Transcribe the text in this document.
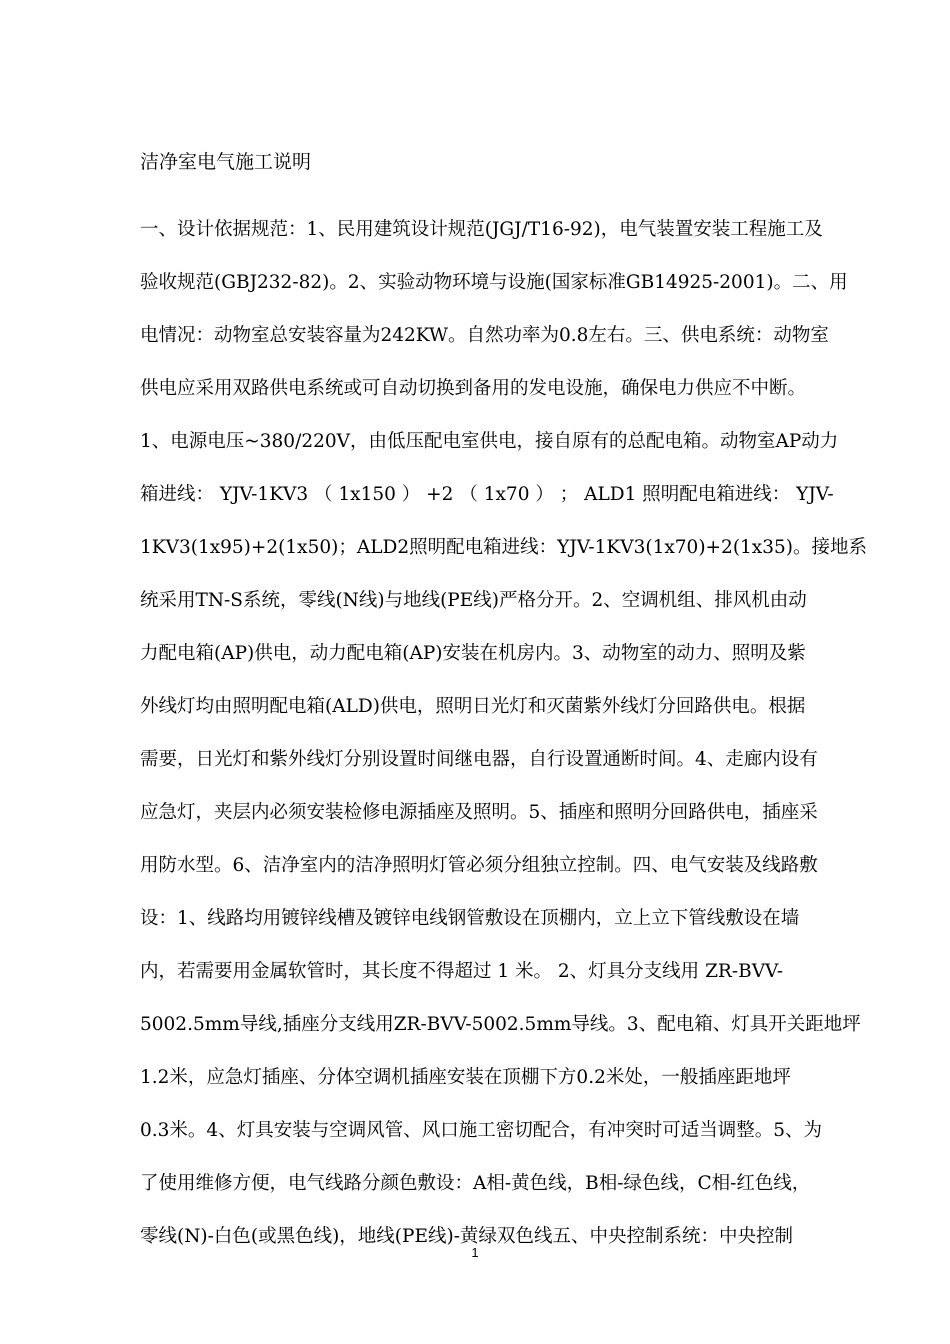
洁净室电气施工说明
一、设计依据规范：1、民用建筑设计规范(JGJ/T16-92)，电气装置安装工程施工及
验收规范(GBJ232-82)。2、实验动物环境与设施(国家标准GB14925-2001)。二、用
电情况：动物室总安装容量为242KW。自然功率为0.8左右。三、供电系统：动物室
供电应采用双路供电系统或可自动切换到备用的发电设施，确保电力供应不中断。
1、电源电压~380/220V，由低压配电室供电，接自原有的总配电箱。动物室AP动力
箱进线： YJV-1KV3 （ 1x150 ） +2 （ 1x70 ） ； ALD1 照明配电箱进线： YJV-
1KV3(1x95)+2(1x50)；ALD2照明配电箱进线：YJV-1KV3(1x70)+2(1x35)。接地系
统采用TN-S系统，零线(N线)与地线(PE线)严格分开。2、空调机组、排风机由动
力配电箱(AP)供电，动力配电箱(AP)安装在机房内。3、动物室的动力、照明及紫
外线灯均由照明配电箱(ALD)供电，照明日光灯和灭菌紫外线灯分回路供电。根据
需要，日光灯和紫外线灯分别设置时间继电器，自行设置通断时间。4、走廊内设有
应急灯，夹层内必须安装检修电源插座及照明。5、插座和照明分回路供电，插座采
用防水型。6、洁净室内的洁净照明灯管必须分组独立控制。四、电气安装及线路敷
设：1、线路均用镀锌线槽及镀锌电线钢管敷设在顶棚内，立上立下管线敷设在墙
内，若需要用金属软管时，其长度不得超过 1 米。 2、灯具分支线用 ZR-BVV-
5002.5mm导线,插座分支线用ZR-BVV-5002.5mm导线。3、配电箱、灯具开关距地坪
1.2米，应急灯插座、分体空调机插座安装在顶棚下方0.2米处，一般插座距地坪
0.3米。4、灯具安装与空调风管、风口施工密切配合，有冲突时可适当调整。5、为
了使用维修方便，电气线路分颜色敷设：A相-黄色线，B相-绿色线，C相-红色线，
零线(N)-白色(或黑色线)，地线(PE线)-黄绿双色线五、中央控制系统：中央控制
1
